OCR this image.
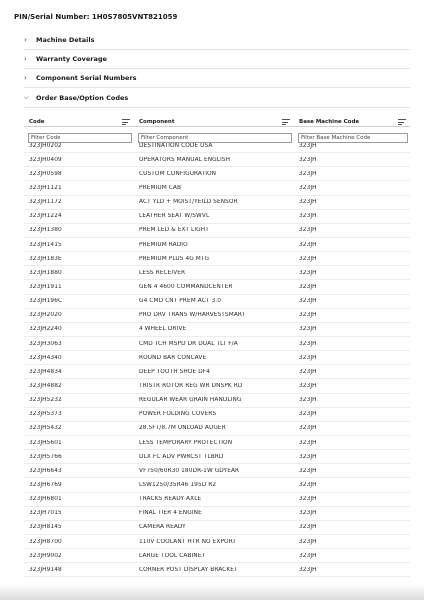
PIN/Serial Number: 1H0S7805VNT821059
›	Machine Details
›	Warranty Coverage
›	Component Serial Numbers
⌵	Order Base/Option Codes
Code	Component	Base Machine Code
Filter Code
Filter Component
Filter Base Machine Code
323JH0202	DESTINATION CODE USA	323JH
323JH0409	OPERATORS MANUAL ENGLISH	323JH
323JH0598	CUSTOM CONFIGURATION	323JH
323JH1121	PREMIUM CAB	323JH
323JH1172	ACT YLD + MOIST/YEILD SENSOR	323JH
323JH1224	LEATHER SEAT W/SWVL	323JH
323JH1380	PREM LED & EXT LIGHT	323JH
323JH1415	PREMIUM RADIO	323JH
323JH183E	PREMIUM PLUS 4G MTG	323JH
323JH1880	LESS RECEIVER	323JH
323JH1911	GEN 4 4600 COMMANDCENTER	323JH
323JH196C	G4 CMD CNT PREM ACT 3.0	323JH
323JH2020	PRO DRV TRANS W/HARVESTSMART	323JH
323JH2240	4 WHEEL DRIVE	323JH
323JH3063	CMD TCH MSPD DR DUAL TLT F/A	323JH
323JH4340	ROUND BAR CONCAVE	323JH
323JH4834	DEEP TOOTH SHOE DF4	323JH
323JH4882	TRISTR ROTOR REG WR DNSPK RD	323JH
323JH5232	REGULAR WEAR GRAIN HANDLING	323JH
323JH5373	POWER FOLDING COVERS	323JH
323JH5432	28.5FT/8.7M UNLOAD AUGER	323JH
323JH5601	LESS TEMPORARY PROTECTION	323JH
323JH5766	DLX FC ADV PWRCST TLBRD	323JH
323JH6643	VF750/60R30 180DR-1W GDYEAR	323JH
323JH6769	LSW1250/35R46 195D R2	323JH
323JH6801	TRACKS READY AXLE	323JH
323JH7015	FINAL TIER 4 ENGINE	323JH
323JH8145	CAMERA READY	323JH
323JH8700	110V COOLANT HTR NO EXPORT	323JH
323JH9002	LARGE TOOL CABINET	323JH
323JH9148	CORNER POST DISPLAY BRACKET	323JH
